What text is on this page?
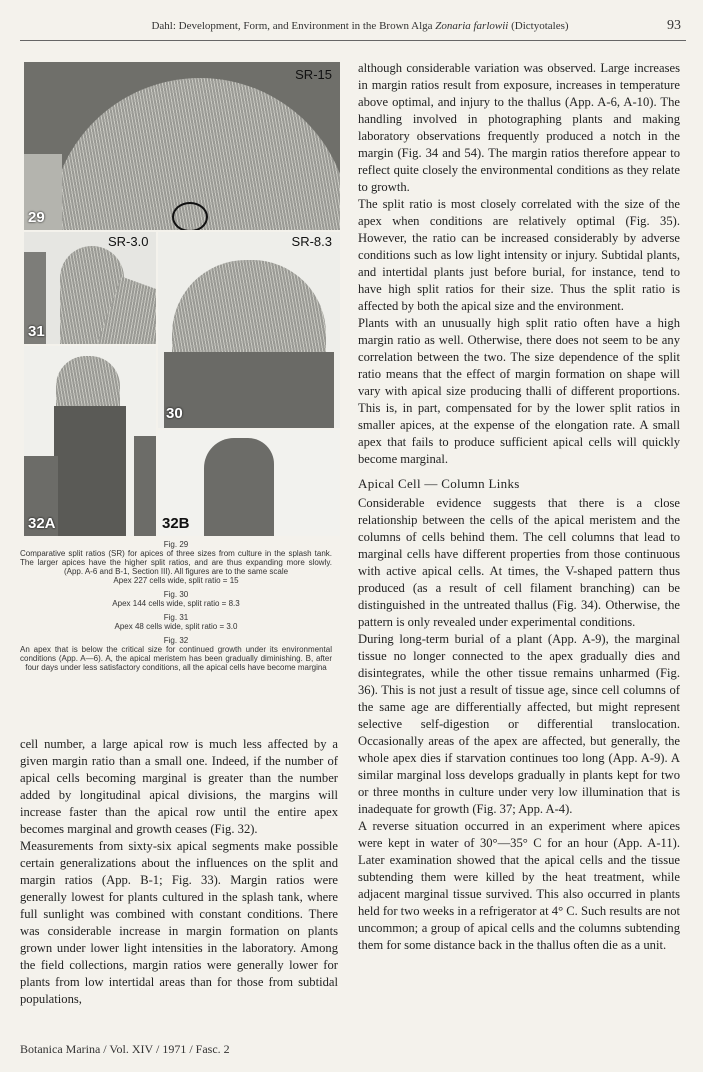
Dahl: Development, Form, and Environment in the Brown Alga Zonaria farlowii (Dictyotales)	93
SR-15
29
SR-3.0
31
SR-8.3
30
32A	32B
Fig. 29
Comparative split ratios (SR) for apices of three sizes from culture in the splash tank. The larger apices have the higher split ratios, and are thus expanding more slowly. (App. A-6 and B-1, Section III). All figures are to the same scale
Apex 227 cells wide, split ratio = 15
Fig. 30
Apex 144 cells wide, split ratio = 8.3
Fig. 31
Apex 48 cells wide, split ratio = 3.0
Fig. 32
An apex that is below the critical size for continued growth under its environmental conditions (App. A—6). A, the apical meristem has been gradually diminishing. B, after four days under less satisfactory conditions, all the apical cells have become margina

cell number, a large apical row is much less affected by a given margin ratio than a small one. Indeed, if the number of apical cells becoming marginal is greater than the number added by longitudinal apical divisions, the margins will increase faster than the apical row until the entire apex becomes marginal and growth ceases (Fig. 32).

Measurements from sixty-six apical segments make possible certain generalizations about the influences on the split and margin ratios (App. B-1; Fig. 33). Margin ratios were generally lowest for plants cultured in the splash tank, where full sunlight was combined with constant conditions. There was considerable increase in margin formation on plants grown under lower light intensities in the laboratory. Among the field collections, margin ratios were generally lower for plants from low intertidal areas than for those from subtidal populations,

although considerable variation was observed. Large increases in margin ratios result from exposure, increases in temperature above optimal, and injury to the thallus (App. A-6, A-10). The handling involved in photographing plants and making laboratory observations frequently produced a notch in the margin (Fig. 34 and 54). The margin ratios therefore appear to reflect quite closely the environmental conditions as they relate to growth.

The split ratio is most closely correlated with the size of the apex when conditions are relatively optimal (Fig. 35). However, the ratio can be increased considerably by adverse conditions such as low light intensity or injury. Subtidal plants, and intertidal plants just before burial, for instance, tend to have high split ratios for their size. Thus the split ratio is affected by both the apical size and the environment.

Plants with an unusually high split ratio often have a high margin ratio as well. Otherwise, there does not seem to be any correlation between the two. The size dependence of the split ratio means that the effect of margin formation on shape will vary with apical size producing thalli of different proportions. This is, in part, compensated for by the lower split ratios in smaller apices, at the expense of the elongation rate. A small apex that fails to produce sufficient apical cells will quickly become marginal.

Apical Cell — Column Links

Considerable evidence suggests that there is a close relationship between the cells of the apical meristem and the columns of cells behind them. The cell columns that lead to marginal cells have different properties from those continuous with active apical cells. At times, the V-shaped pattern thus produced (as a result of cell filament branching) can be distinguished in the untreated thallus (Fig. 34). Otherwise, the pattern is only revealed under experimental conditions.

During long-term burial of a plant (App. A-9), the marginal tissue no longer connected to the apex gradually dies and disintegrates, while the other tissue remains unharmed (Fig. 36). This is not just a result of tissue age, since cell columns of the same age are differentially affected, but might represent selective self-digestion or differential translocation. Occasionally areas of the apex are affected, but generally, the whole apex dies if starvation continues too long (App. A-9). A similar marginal loss develops gradually in plants kept for two or three months in culture under very low illumination that is inadequate for growth (Fig. 37; App. A-4).

A reverse situation occurred in an experiment where apices were kept in water of 30°—35° C for an hour (App. A-11). Later examination showed that the apical cells and the tissue subtending them were killed by the heat treatment, while adjacent marginal tissue survived. This also occurred in plants held for two weeks in a refrigerator at 4° C. Such results are not uncommon; a group of apical cells and the columns subtending them for some distance back in the thallus often die as a unit.

Botanica Marina / Vol. XIV / 1971 / Fasc. 2
